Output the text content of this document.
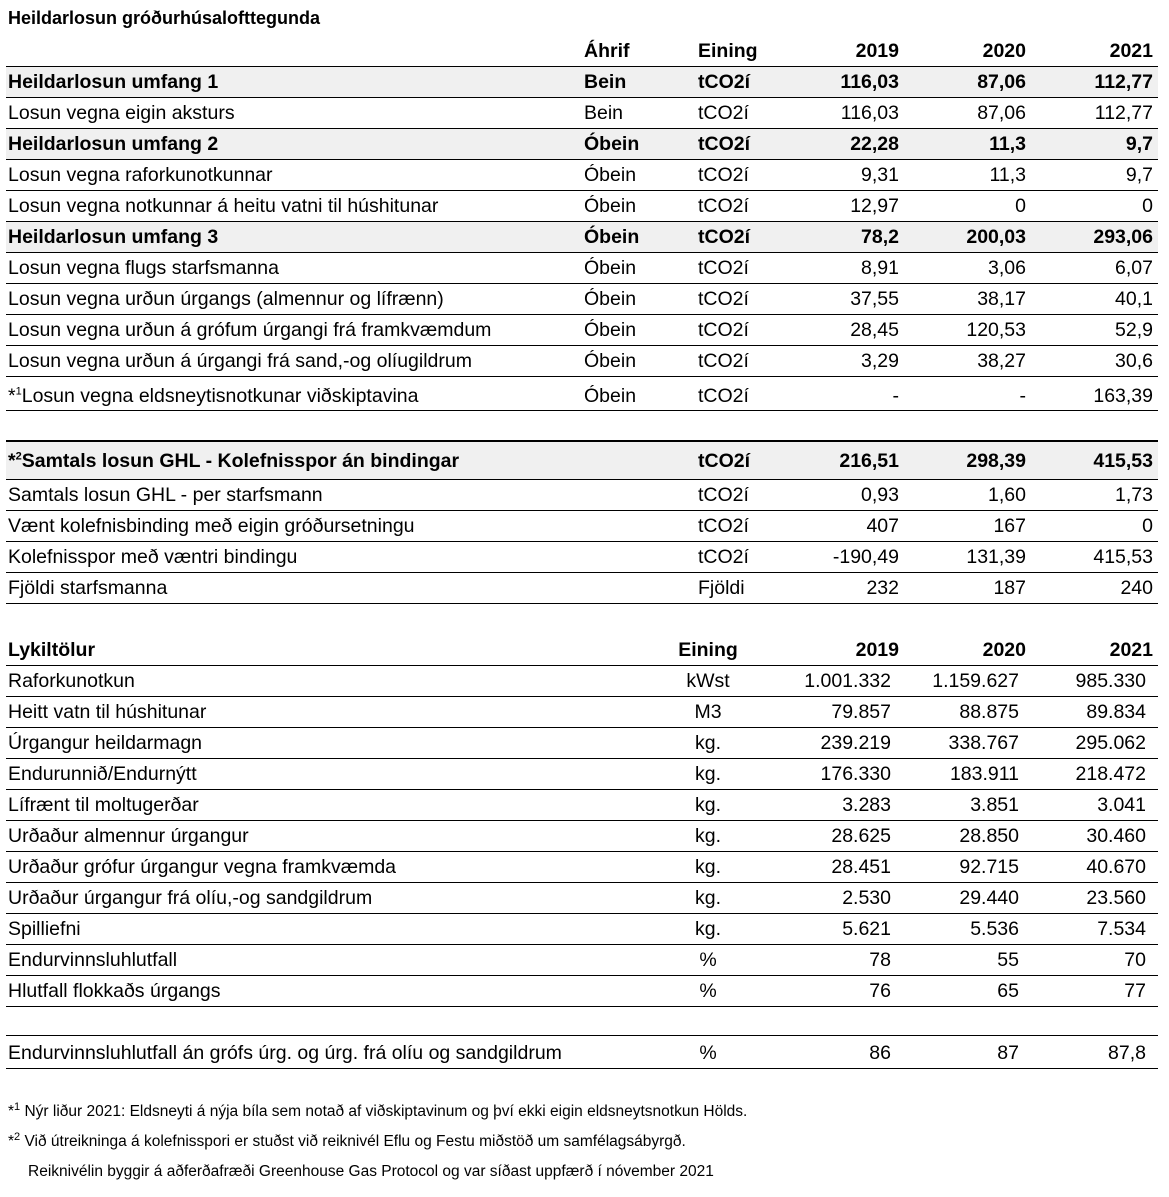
Heildarlosun gróðurhúsalofttegunda
Áhrif	Eining	2019	2020	2021
Heildarlosun umfang 1	Bein	tCO2í	116,03	87,06	112,77
Losun vegna eigin aksturs	Bein	tCO2í	116,03	87,06	112,77
Heildarlosun umfang 2	Óbein	tCO2í	22,28	11,3	9,7
Losun vegna raforkunotkunnar	Óbein	tCO2í	9,31	11,3	9,7
Losun vegna notkunnar á heitu vatni til húshitunar	Óbein	tCO2í	12,97	0	0
Heildarlosun umfang 3	Óbein	tCO2í	78,2	200,03	293,06
Losun vegna flugs starfsmanna	Óbein	tCO2í	8,91	3,06	6,07
Losun vegna urðun úrgangs (almennur og lífrænn)	Óbein	tCO2í	37,55	38,17	40,1
Losun vegna urðun á grófum úrgangi frá framkvæmdum	Óbein	tCO2í	28,45	120,53	52,9
Losun vegna urðun á úrgangi frá sand,-og olíugildrum	Óbein	tCO2í	3,29	38,27	30,6
*$^1$Losun vegna eldsneytisnotkunar viðskiptavina	Óbein	tCO2í	-	-	163,39
*$^2$Samtals losun GHL - Kolefnisspor án bindingar	tCO2í	216,51	298,39	415,53
Samtals losun GHL - per starfsmann	tCO2í	0,93	1,60	1,73
Vænt kolefnisbinding með eigin gróðursetningu	tCO2í	407	167	0
Kolefnisspor með væntri bindingu	tCO2í	-190,49	131,39	415,53
Fjöldi starfsmanna	Fjöldi	232	187	240
Lykiltölur	Eining	2019	2020	2021
Raforkunotkun	kWst	1.001.332	1.159.627	985.330
Heitt vatn til húshitunar	M3	79.857	88.875	89.834
Úrgangur heildarmagn	kg.	239.219	338.767	295.062
Endurunnið/Endurnýtt	kg.	176.330	183.911	218.472
Lífrænt til moltugerðar	kg.	3.283	3.851	3.041
Urðaður almennur úrgangur	kg.	28.625	28.850	30.460
Urðaður grófur úrgangur vegna framkvæmda	kg.	28.451	92.715	40.670
Urðaður úrgangur frá olíu,-og sandgildrum	kg.	2.530	29.440	23.560
Spilliefni	kg.	5.621	5.536	7.534
Endurvinnsluhlutfall	%	78	55	70
Hlutfall flokkaðs úrgangs	%	76	65	77
Endurvinnsluhlutfall án grófs úrg. og úrg. frá olíu og sandgildrum	%	86	87	87,8
*$^1$ Nýr liður 2021: Eldsneyti á nýja bíla sem notað af viðskiptavinum og því ekki eigin eldsneytsnotkun Hölds.
*$^2$ Við útreikninga á kolefnisspori er stuðst við reiknivél Eflu og Festu miðstöð um samfélagsábyrgð.
Reiknivélin byggir á aðferðafræði Greenhouse Gas Protocol og var síðast uppfærð í nóvember 2021
